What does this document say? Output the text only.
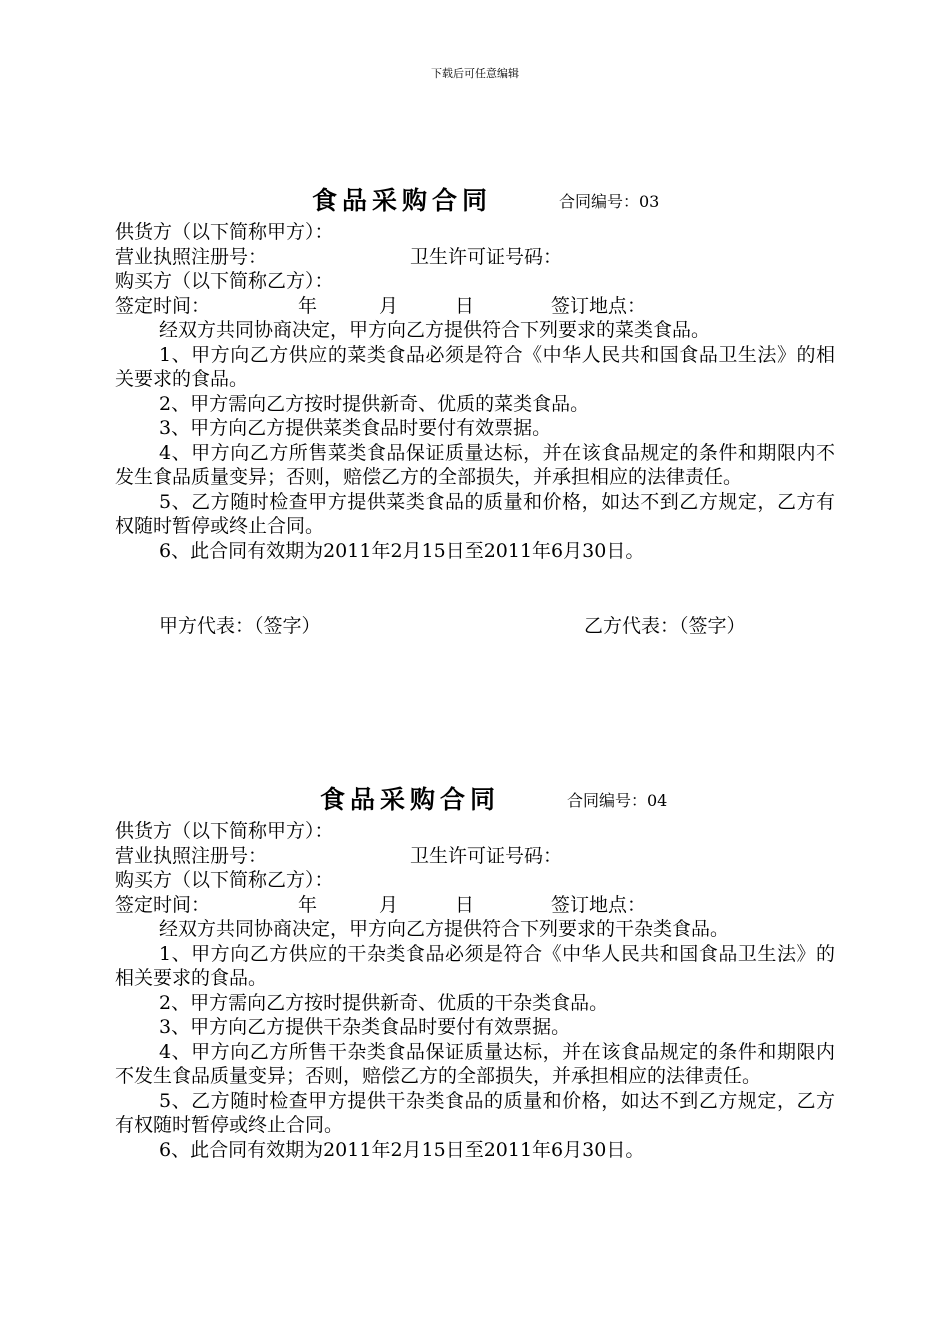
下载后可任意编辑
食品采购合同	合同编号：03
供货方（以下简称甲方）：
营业执照注册号：	卫生许可证号码：
购买方（以下简称乙方）：
签定时间：	年	月	日	签订地点：

经双方共同协商决定，甲方向乙方提供符合下列要求的菜类食品。

1、甲方向乙方供应的菜类食品必须是符合《中华人民共和国食品卫生法》的相关要求的食品。

2、甲方需向乙方按时提供新奇、优质的菜类食品。

3、甲方向乙方提供菜类食品时要付有效票据。

4、甲方向乙方所售菜类食品保证质量达标，并在该食品规定的条件和期限内不发生食品质量变异；否则，赔偿乙方的全部损失，并承担相应的法律责任。

5、乙方随时检查甲方提供菜类食品的质量和价格，如达不到乙方规定，乙方有权随时暂停或终止合同。

6、此合同有效期为2011年2月15日至2011年6月30日。

甲方代表：（签字）	乙方代表：（签字）
食品采购合同	合同编号：04
供货方（以下简称甲方）：
营业执照注册号：	卫生许可证号码：
购买方（以下简称乙方）：
签定时间：	年	月	日	签订地点：

经双方共同协商决定，甲方向乙方提供符合下列要求的干杂类食品。

1、甲方向乙方供应的干杂类食品必须是符合《中华人民共和国食品卫生法》的相关要求的食品。

2、甲方需向乙方按时提供新奇、优质的干杂类食品。

3、甲方向乙方提供干杂类食品时要付有效票据。

4、甲方向乙方所售干杂类食品保证质量达标，并在该食品规定的条件和期限内不发生食品质量变异；否则，赔偿乙方的全部损失，并承担相应的法律责任。

5、乙方随时检查甲方提供干杂类食品的质量和价格，如达不到乙方规定，乙方有权随时暂停或终止合同。

6、此合同有效期为2011年2月15日至2011年6月30日。
